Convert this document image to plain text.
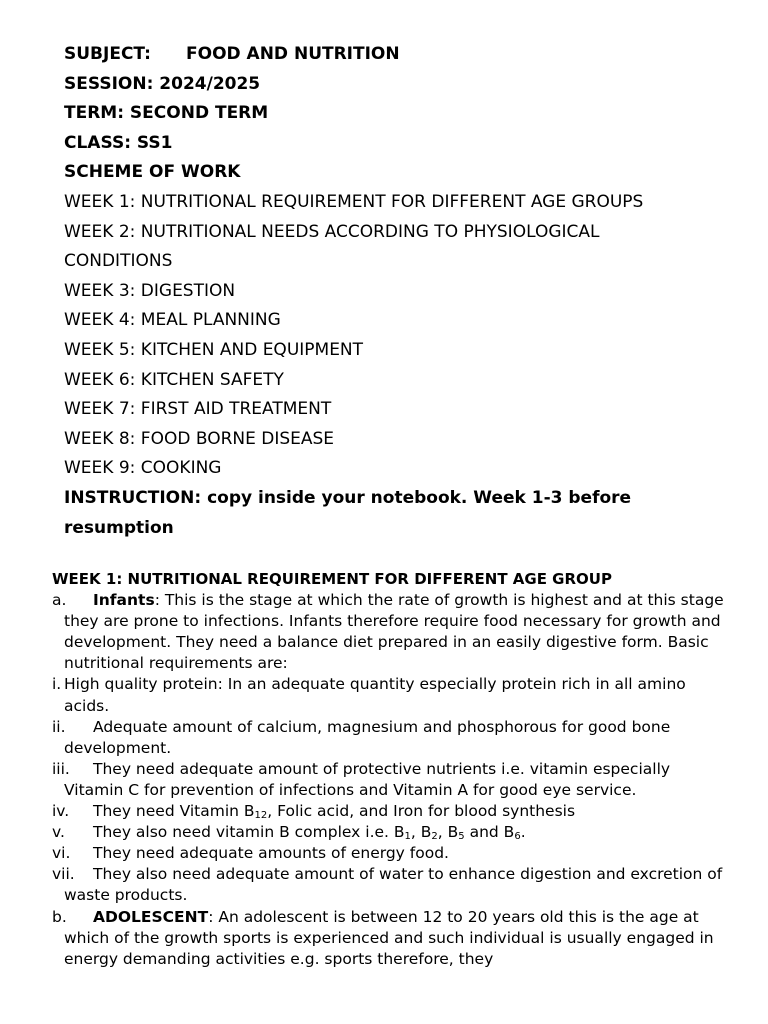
SUBJECT: FOOD AND NUTRITION
SESSION: 2024/2025
TERM: SECOND TERM
CLASS: SS1
SCHEME OF WORK
WEEK 1: NUTRITIONAL REQUIREMENT FOR DIFFERENT AGE GROUPS
WEEK 2: NUTRITIONAL NEEDS ACCORDING TO PHYSIOLOGICAL
CONDITIONS
WEEK 3: DIGESTION
WEEK 4: MEAL PLANNING
WEEK 5: KITCHEN AND EQUIPMENT
WEEK 6: KITCHEN SAFETY
WEEK 7: FIRST AID TREATMENT
WEEK 8: FOOD BORNE DISEASE
WEEK 9: COOKING
INSTRUCTION: copy inside your notebook. Week 1-3 before resumption
WEEK 1: NUTRITIONAL REQUIREMENT FOR DIFFERENT AGE GROUP
a.	Infants: This is the stage at which the rate of growth is highest and at this stage they are prone to infections. Infants therefore require food necessary for growth and development. They need a balance diet prepared in an easily digestive form. Basic nutritional requirements are:
i. High quality protein: In an adequate quantity especially protein rich in all amino acids.
ii.	Adequate amount of calcium, magnesium and phosphorous for good bone development.
iii.	They need adequate amount of protective nutrients i.e. vitamin especially Vitamin C for prevention of infections and Vitamin A for good eye service.
iv.	They need Vitamin $B_{12}$, Folic acid, and Iron for blood synthesis
v.	They also need vitamin B complex i.e. $B_1$, $B_2$, $B_5$ and $B_6$.
vi.	They need adequate amounts of energy food.
vii.	They also need adequate amount of water to enhance digestion and excretion of waste products.
b.	ADOLESCENT: An adolescent is between 12 to 20 years old this is the age at which of the growth sports is experienced and such individual is usually engaged in energy demanding activities e.g. sports therefore, they
